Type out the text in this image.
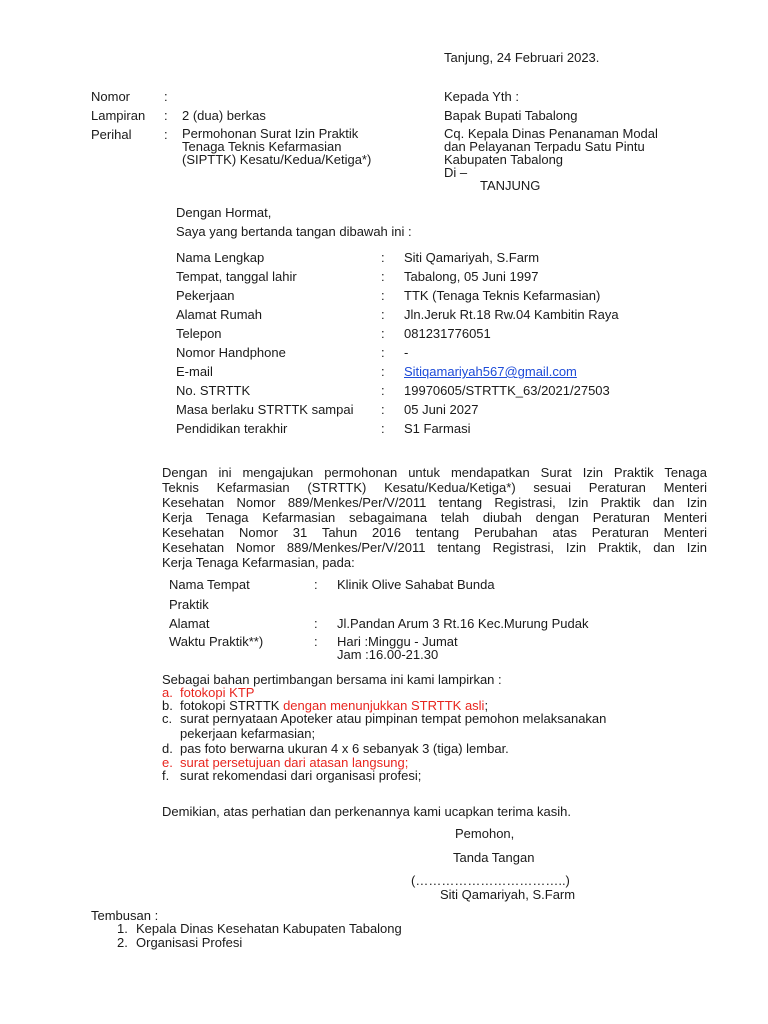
Tanjung, 24 Februari 2023.
Nomor	:
Lampiran : 2 (dua) berkas
Perihal	: Permohonan Surat Izin Praktik
Tenaga Teknis Kefarmasian
(SIPTTK) Kesatu/Kedua/Ketiga*)
Kepada Yth :
Bapak Bupati Tabalong
Cq. Kepala Dinas Penanaman Modal
dan Pelayanan Terpadu Satu Pintu
Kabupaten Tabalong
Di –
TANJUNG
Dengan Hormat,
Saya yang bertanda tangan dibawah ini :
Nama Lengkap	: Siti Qamariyah, S.Farm
Tempat, tanggal lahir	: Tabalong, 05 Juni 1997
Pekerjaan	: TTK (Tenaga Teknis Kefarmasian)
Alamat Rumah	: Jln.Jeruk Rt.18 Rw.04 Kambitin Raya
Telepon	: 081231776051
Nomor Handphone	: -
E-mail	: Sitiqamariyah567@gmail.com
No. STRTTK	: 19970605/STRTTK_63/2021/27503
Masa berlaku STRTTK sampai : 05 Juni 2027
Pendidikan terakhir	: S1 Farmasi
Dengan ini mengajukan permohonan untuk mendapatkan Surat Izin Praktik Tenaga
Teknis Kefarmasian (STRTTK) Kesatu/Kedua/Ketiga*) sesuai Peraturan Menteri
Kesehatan Nomor 889/Menkes/Per/V/2011 tentang Registrasi, Izin Praktik dan Izin
Kerja Tenaga Kefarmasian sebagaimana telah diubah dengan Peraturan Menteri
Kesehatan Nomor 31 Tahun 2016 tentang Perubahan atas Peraturan Menteri
Kesehatan Nomor 889/Menkes/Per/V/2011 tentang Registrasi, Izin Praktik, dan Izin
Kerja Tenaga Kefarmasian, pada:
Nama Tempat
Praktik
: Klinik Olive Sahabat Bunda
Alamat	: Jl.Pandan Arum 3 Rt.16 Kec.Murung Pudak
Waktu Praktik**)	: Hari :Minggu - Jumat
Jam :16.00-21.30
Sebagai bahan pertimbangan bersama ini kami lampirkan :
a. fotokopi KTP
b. fotokopi STRTTK dengan menunjukkan STRTTK asli;
c. surat pernyataan Apoteker atau pimpinan tempat pemohon melaksanakan
pekerjaan kefarmasian;
d. pas foto berwarna ukuran 4 x 6 sebanyak 3 (tiga) lembar.
e. surat persetujuan dari atasan langsung;
f. surat rekomendasi dari organisasi profesi;
Demikian, atas perhatian dan perkenannya kami ucapkan terima kasih.
Pemohon,
Tanda Tangan
(……………………………..)
Siti Qamariyah, S.Farm
Tembusan :
1. Kepala Dinas Kesehatan Kabupaten Tabalong
2. Organisasi Profesi
